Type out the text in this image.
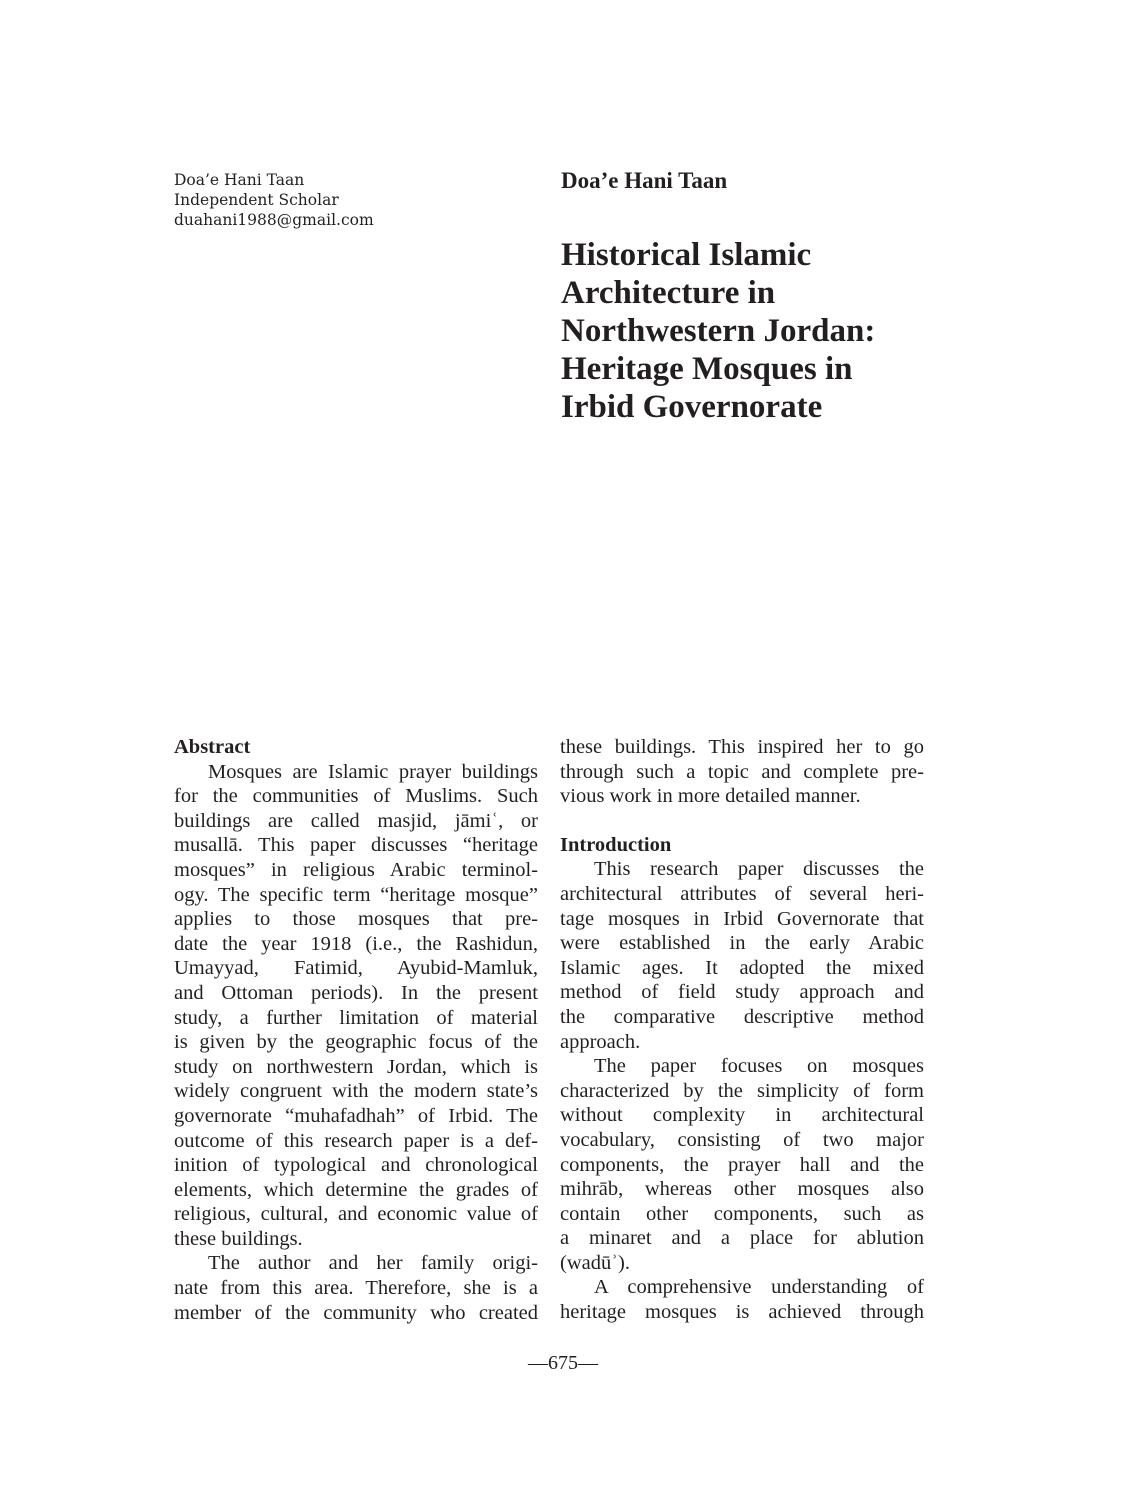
Doa’e Hani Taan
Independent Scholar
duahani1988@gmail.com
Doa’e Hani Taan
Historical Islamic
Architecture in
Northwestern Jordan:
Heritage Mosques in
Irbid Governorate
Abstract
Mosques are Islamic prayer buildings
for the communities of Muslims. Such
buildings are called masjid, jāmiʿ, or
musallā. This paper discusses “heritage
mosques” in religious Arabic terminol-
ogy. The specific term “heritage mosque”
applies to those mosques that pre-
date the year 1918 (i.e., the Rashidun,
Umayyad, Fatimid, Ayubid-Mamluk,
and Ottoman periods). In the present
study, a further limitation of material
is given by the geographic focus of the
study on northwestern Jordan, which is
widely congruent with the modern state’s
governorate “muhafadhah” of Irbid. The
outcome of this research paper is a def-
inition of typological and chronological
elements, which determine the grades of
religious, cultural, and economic value of
these buildings.
The author and her family origi-
nate from this area. Therefore, she is a
member of the community who created
these buildings. This inspired her to go
through such a topic and complete pre-
vious work in more detailed manner.
Introduction
This research paper discusses the
architectural attributes of several heri-
tage mosques in Irbid Governorate that
were established in the early Arabic
Islamic ages. It adopted the mixed
method of field study approach and
the comparative descriptive method
approach.
The paper focuses on mosques
characterized by the simplicity of form
without complexity in architectural
vocabulary, consisting of two major
components, the prayer hall and the
mihrāb, whereas other mosques also
contain other components, such as
a minaret and a place for ablution
(wadūʾ).
A comprehensive understanding of
heritage mosques is achieved through
—675—
